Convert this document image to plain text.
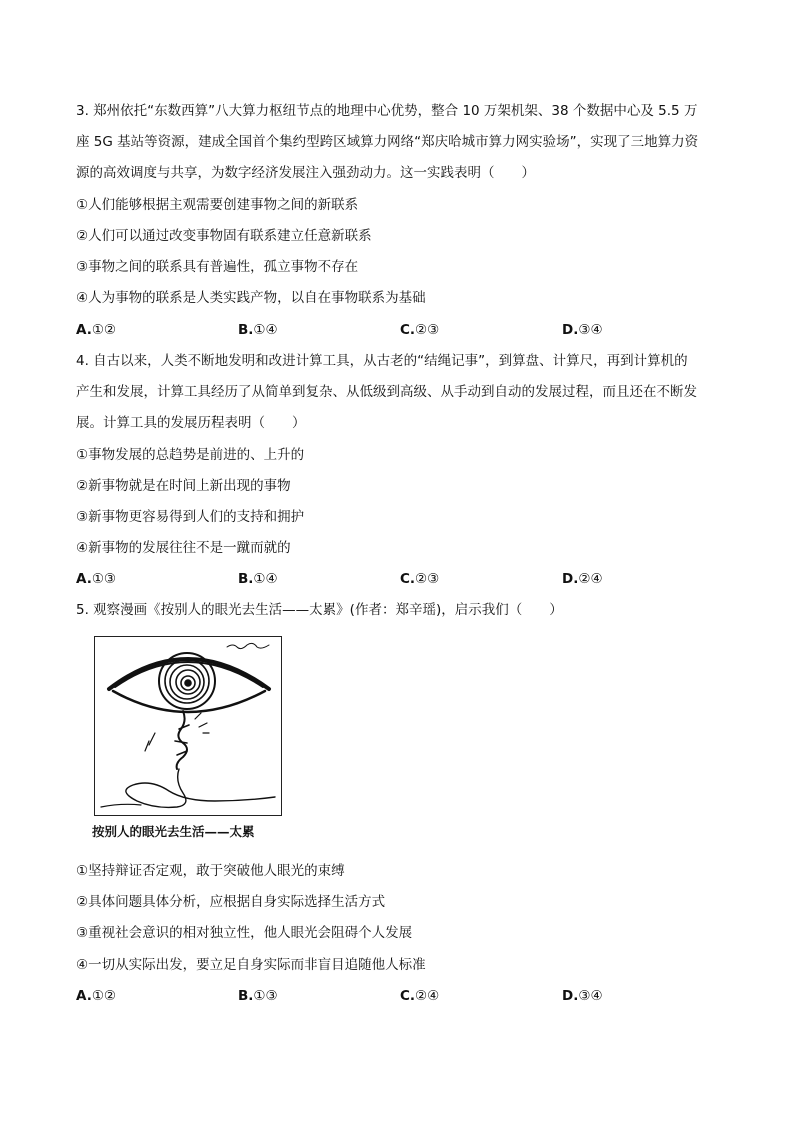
3. 郑州依托“东数西算”八大算力枢纽节点的地理中心优势，整合 10 万架机架、38 个数据中心及 5.5 万
座 5G 基站等资源，建成全国首个集约型跨区域算力网络“郑庆哈城市算力网实验场”，实现了三地算力资
源的高效调度与共享，为数字经济发展注入强劲动力。这一实践表明（　　）
①人们能够根据主观需要创建事物之间的新联系
②人们可以通过改变事物固有联系建立任意新联系
③事物之间的联系具有普遍性，孤立事物不存在
④人为事物的联系是人类实践产物，以自在事物联系为基础
A.①②	B.①④	C.②③	D.③④
4. 自古以来，人类不断地发明和改进计算工具，从古老的“结绳记事”，到算盘、计算尺，再到计算机的
产生和发展，计算工具经历了从简单到复杂、从低级到高级、从手动到自动的发展过程，而且还在不断发
展。计算工具的发展历程表明（　　）
①事物发展的总趋势是前进的、上升的
②新事物就是在时间上新出现的事物
③新事物更容易得到人们的支持和拥护
④新事物的发展往往不是一蹴而就的
A.①③	B.①④	C.②③	D.②④
5. 观察漫画《按别人的眼光去生活——太累》(作者：郑辛瑶)，启示我们（　　）
按别人的眼光去生活——太累
①坚持辩证否定观，敢于突破他人眼光的束缚
②具体问题具体分析，应根据自身实际选择生活方式
③重视社会意识的相对独立性，他人眼光会阻碍个人发展
④一切从实际出发，要立足自身实际而非盲目追随他人标准
A.①②	B.①③	C.②④	D.③④
